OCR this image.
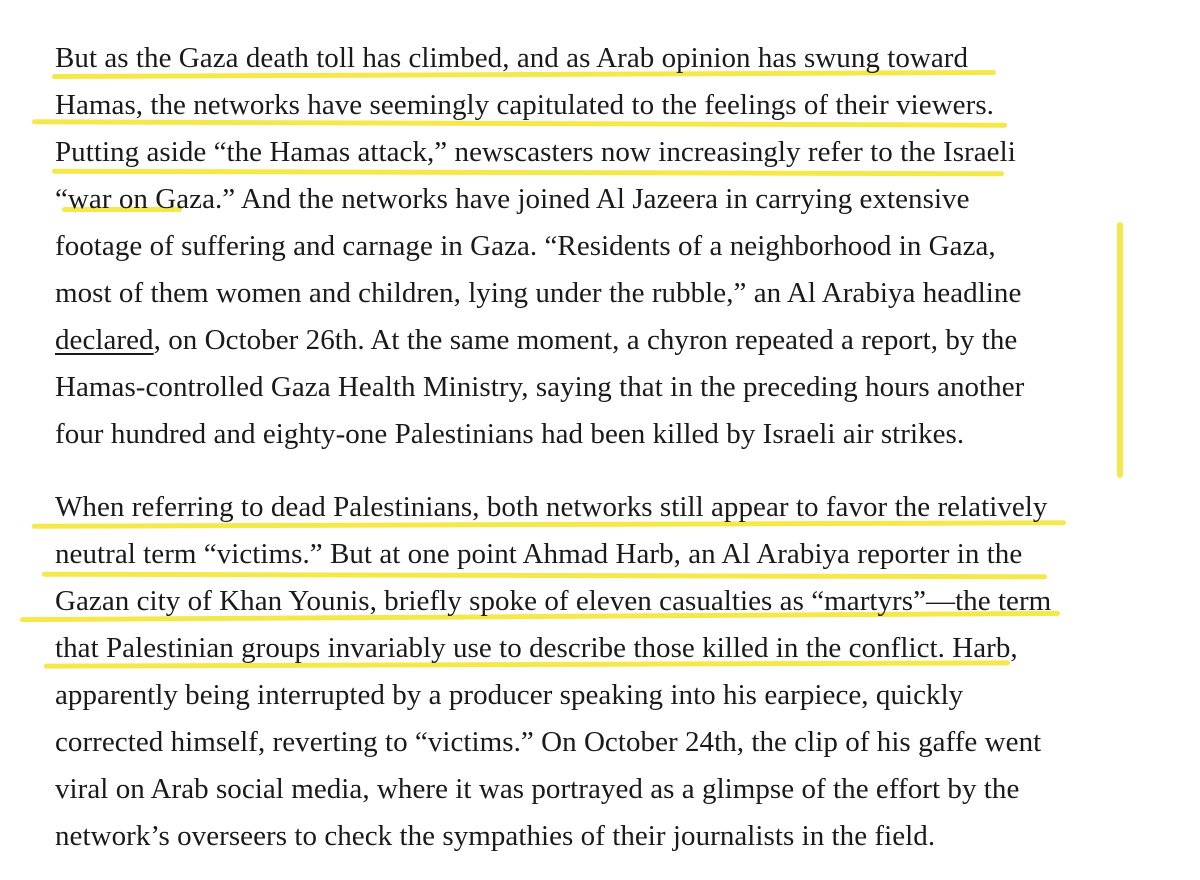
But as the Gaza death toll has climbed, and as Arab opinion has swung toward
Hamas, the networks have seemingly capitulated to the feelings of their viewers.
Putting aside “the Hamas attack,” newscasters now increasingly refer to the Israeli
“war on Gaza.” And the networks have joined Al Jazeera in carrying extensive
footage of suffering and carnage in Gaza. “Residents of a neighborhood in Gaza,
most of them women and children, lying under the rubble,” an Al Arabiya headline
declared, on October 26th. At the same moment, a chyron repeated a report, by the
Hamas-controlled Gaza Health Ministry, saying that in the preceding hours another
four hundred and eighty-one Palestinians had been killed by Israeli air strikes.
When referring to dead Palestinians, both networks still appear to favor the relatively
neutral term “victims.” But at one point Ahmad Harb, an Al Arabiya reporter in the
Gazan city of Khan Younis, briefly spoke of eleven casualties as “martyrs”—the term
that Palestinian groups invariably use to describe those killed in the conflict. Harb,
apparently being interrupted by a producer speaking into his earpiece, quickly
corrected himself, reverting to “victims.” On October 24th, the clip of his gaffe went
viral on Arab social media, where it was portrayed as a glimpse of the effort by the
network’s overseers to check the sympathies of their journalists in the field.
